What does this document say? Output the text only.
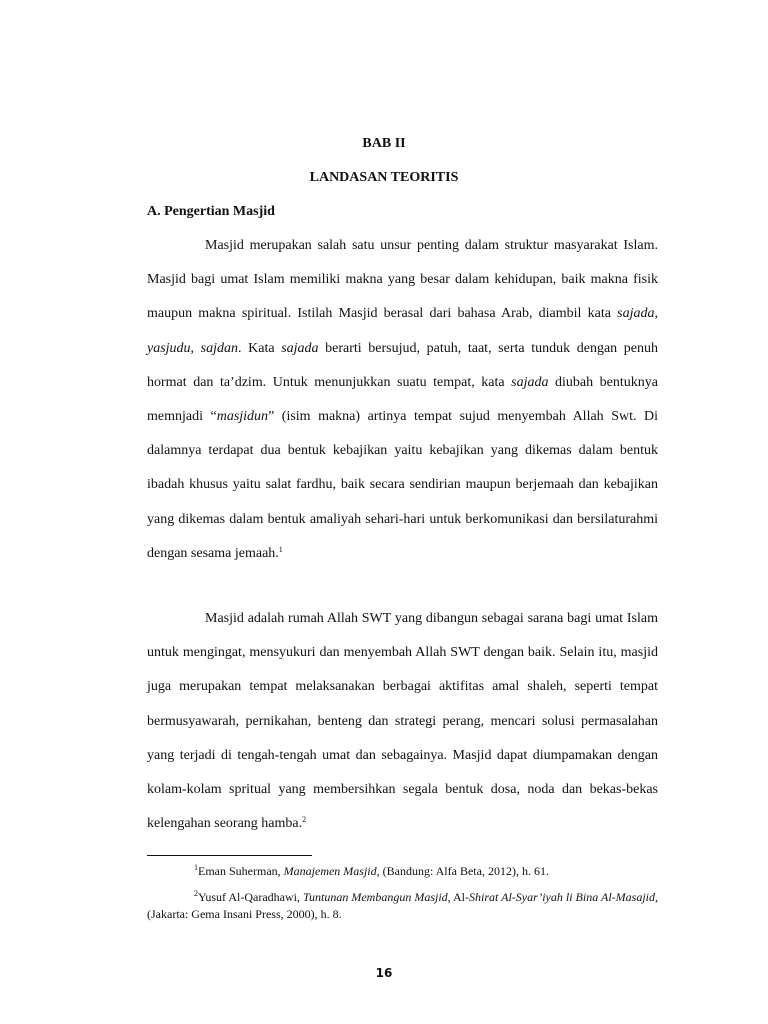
BAB II
LANDASAN TEORITIS
A. Pengertian Masjid

Masjid merupakan salah satu unsur penting dalam struktur masyarakat Islam. Masjid bagi umat Islam memiliki makna yang besar dalam kehidupan, baik makna fisik maupun makna spiritual. Istilah Masjid berasal dari bahasa Arab, diambil kata sajada, yasjudu, sajdan. Kata sajada berarti bersujud, patuh, taat, serta tunduk dengan penuh hormat dan ta’dzim. Untuk menunjukkan suatu tempat, kata sajada diubah bentuknya memnjadi “masjidun” (isim makna) artinya tempat sujud menyembah Allah Swt. Di dalamnya terdapat dua bentuk kebajikan yaitu kebajikan yang dikemas dalam bentuk ibadah khusus yaitu salat fardhu, baik secara sendirian maupun berjemaah dan kebajikan yang dikemas dalam bentuk amaliyah sehari-hari untuk berkomunikasi dan bersilaturahmi dengan sesama jemaah.$^1$

Masjid adalah rumah Allah SWT yang dibangun sebagai sarana bagi umat Islam untuk mengingat, mensyukuri dan menyembah Allah SWT dengan baik. Selain itu, masjid juga merupakan tempat melaksanakan berbagai aktifitas amal shaleh, seperti tempat bermusyawarah, pernikahan, benteng dan strategi perang, mencari solusi permasalahan yang terjadi di tengah-tengah umat dan sebagainya. Masjid dapat diumpamakan dengan kolam-kolam spritual yang membersihkan segala bentuk dosa, noda dan bekas-bekas kelengahan seorang hamba.$^2$

$^1$Eman Suherman, Manajemen Masjid, (Bandung: Alfa Beta, 2012), h. 61.

$^2$Yusuf Al-Qaradhawi, Tuntunan Membangun Masjid, Al-Shirat Al-Syar’iyah li Bina Al-Masajid, (Jakarta: Gema Insani Press, 2000), h. 8.

16
